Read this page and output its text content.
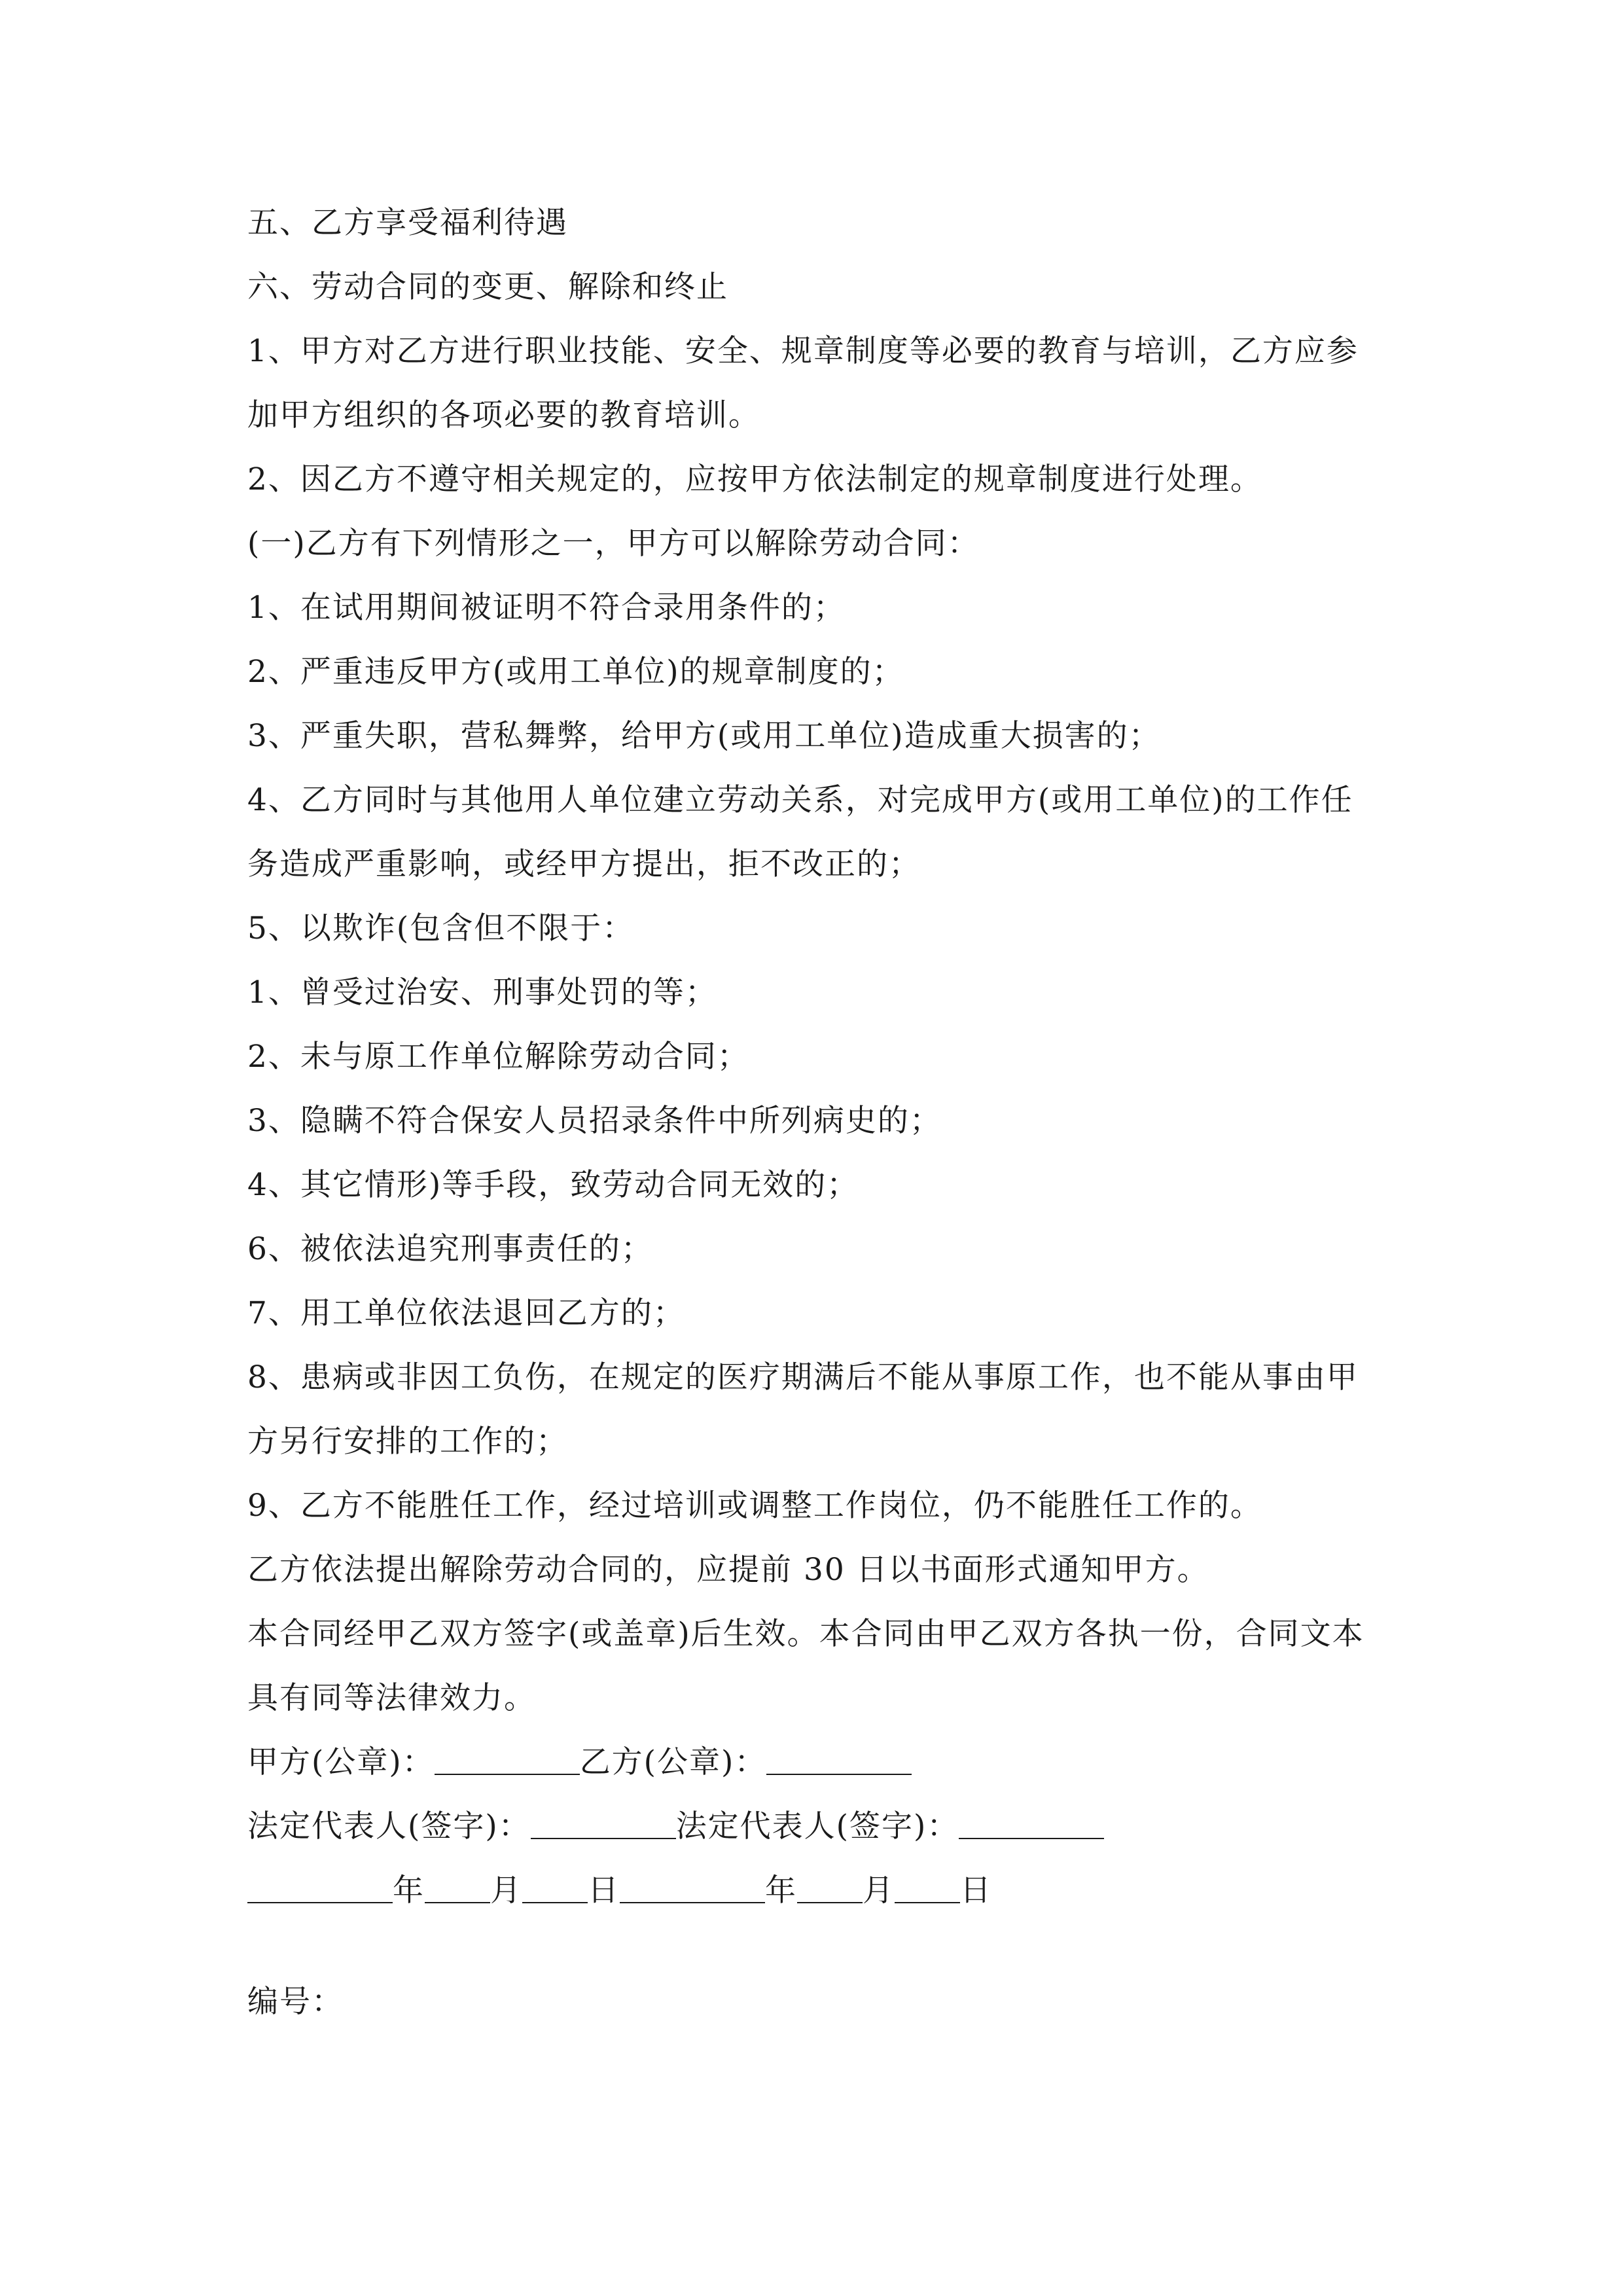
五、乙方享受福利待遇
六、劳动合同的变更、解除和终止
1、甲方对乙方进行职业技能、安全、规章制度等必要的教育与培训，乙方应参
加甲方组织的各项必要的教育培训。
2、因乙方不遵守相关规定的，应按甲方依法制定的规章制度进行处理。
(一)乙方有下列情形之一，甲方可以解除劳动合同：
1、在试用期间被证明不符合录用条件的；
2、严重违反甲方(或用工单位)的规章制度的；
3、严重失职，营私舞弊，给甲方(或用工单位)造成重大损害的；
4、乙方同时与其他用人单位建立劳动关系，对完成甲方(或用工单位)的工作任
务造成严重影响，或经甲方提出，拒不改正的；
5、以欺诈(包含但不限于：
1、曾受过治安、刑事处罚的等；
2、未与原工作单位解除劳动合同；
3、隐瞒不符合保安人员招录条件中所列病史的；
4、其它情形)等手段，致劳动合同无效的；
6、被依法追究刑事责任的；
7、用工单位依法退回乙方的；
8、患病或非因工负伤，在规定的医疗期满后不能从事原工作，也不能从事由甲
方另行安排的工作的；
9、乙方不能胜任工作，经过培训或调整工作岗位，仍不能胜任工作的。
乙方依法提出解除劳动合同的，应提前 30 日以书面形式通知甲方。
本合同经甲乙双方签字(或盖章)后生效。本合同由甲乙双方各执一份，合同文本
具有同等法律效力。
甲方(公章)：	乙方(公章)：
法定代表人(签字)：	法定代表人(签字)：
年 月 日	年 月 日
编号：
